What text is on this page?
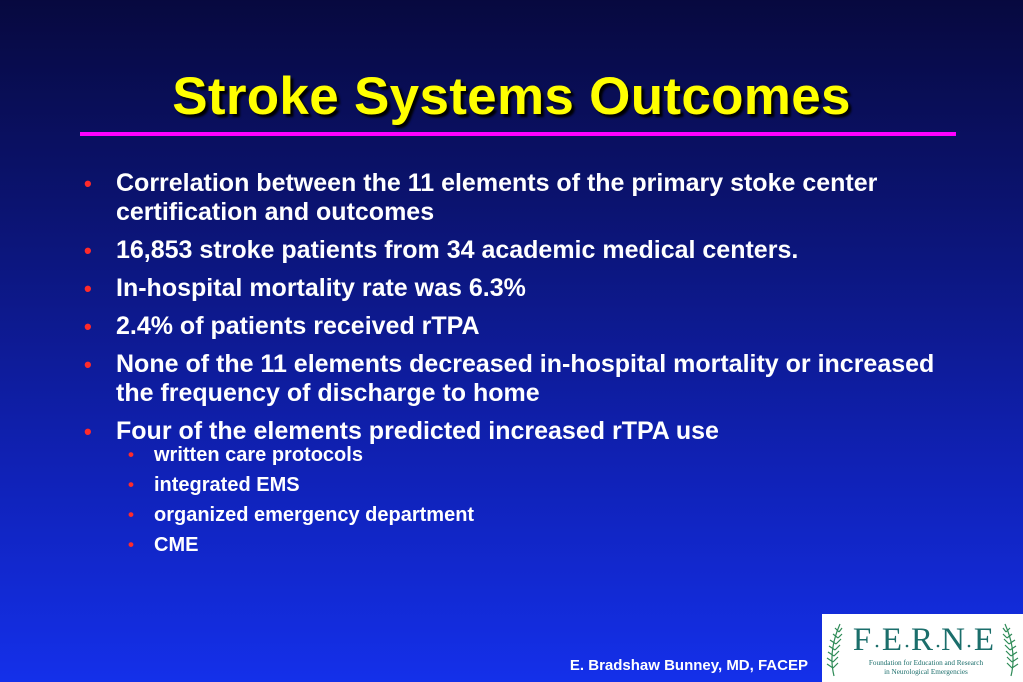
Stroke Systems Outcomes
• Correlation between the 11 elements of the primary stoke center certification and outcomes
• 16,853 stroke patients from 34 academic medical centers.
• In-hospital mortality rate was 6.3%
• 2.4% of patients received rTPA
• None of the 11 elements decreased in-hospital mortality or increased the frequency of discharge to home
• Four of the elements predicted increased rTPA use
• written care protocols
• integrated EMS
• organized emergency department
• CME
E. Bradshaw Bunney, MD, FACEP
F E R N E
Foundation for Education and Research
in Neurological Emergencies
